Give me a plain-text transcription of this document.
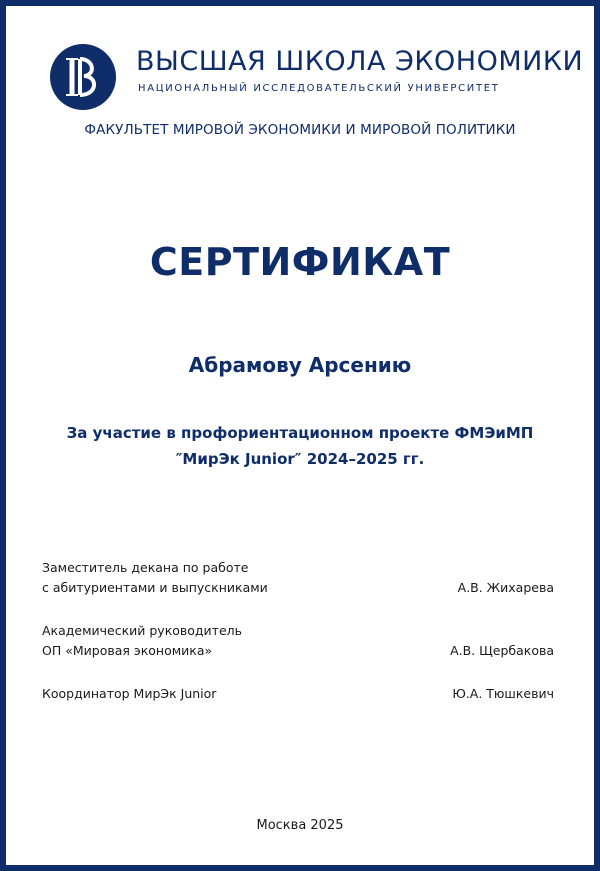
ВЫСШАЯ ШКОЛА ЭКОНОМИКИ
НАЦИОНАЛЬНЫЙ ИССЛЕДОВАТЕЛЬСКИЙ УНИВЕРСИТЕТ
ФАКУЛЬТЕТ МИРОВОЙ ЭКОНОМИКИ И МИРОВОЙ ПОЛИТИКИ
СЕРТИФИКАТ
Абрамову Арсению
За участие в профориентационном проекте ФМЭиМП
″МирЭк Junior″ 2024–2025 гг.
Заместитель декана по работе
с абитуриентами и выпускниками	А.В. Жихарева
Академический руководитель
ОП «Мировая экономика»	А.В. Щербакова
Координатор МирЭк Junior	Ю.А. Тюшкевич
Москва 2025
